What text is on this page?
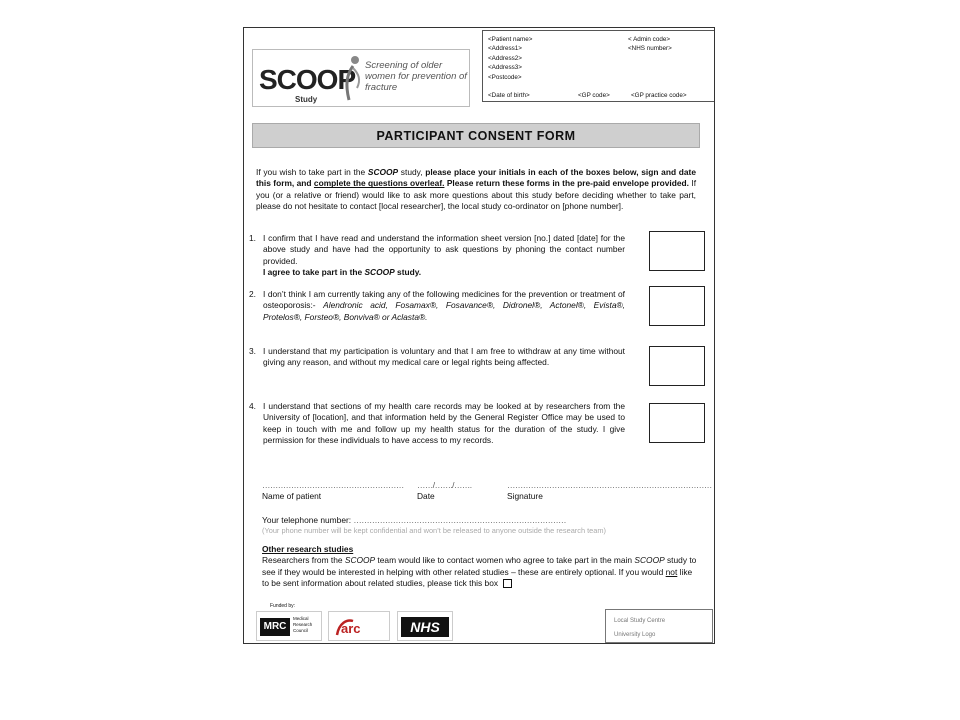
SCOOP
Study
Screening of older women for prevention of fracture
<Patient name>
<Address1>
<Address2>
<Address3>
<Postcode>
< Admin code>
<NHS number>
<Date of birth>	<GP code>	<GP practice code>
PARTICIPANT CONSENT FORM
If you wish to take part in the SCOOP study, please place your initials in each of the boxes below, sign and date this form, and complete the questions overleaf. Please return these forms in the pre-paid envelope provided. If you (or a relative or friend) would like to ask more questions about this study before deciding whether to take part, please do not hesitate to contact [local researcher], the local study co-ordinator on [phone number].
1. I confirm that I have read and understand the information sheet version [no.] dated [date] for the above study and have had the opportunity to ask questions by phoning the contact number provided.
I agree to take part in the SCOOP study.
2. I don’t think I am currently taking any of the following medicines for the prevention or treatment of osteoporosis:- Alendronic acid, Fosamax®, Fosavance®, Didronel®, Actonel®, Evista®, Protelos®, Forsteo®, Bonviva® or Aclasta®.
3. I understand that my participation is voluntary and that I am free to withdraw at any time without giving any reason, and without my medical care or legal rights being affected.
4. I understand that sections of my health care records may be looked at by researchers from the University of [location], and that information held by the General Register Office may be used to keep in touch with me and follow up my health status for the duration of the study. I give permission for these individuals to have access to my records.
……………………………………………… ……/……./…….	……………………………………………………………………
Name of patient	Date	Signature
Your telephone number: ………………………………………………………………………
(Your phone number will be kept confidential and won’t be released to anyone outside the research team)
Other research studies
Researchers from the SCOOP team would like to contact women who agree to take part in the main SCOOP study to see if they would be interested in helping with other related studies – these are entirely optional. If you would not like to be sent information about related studies, please tick this box
Funded by:
MRC
Medical Research Council	arc	NHS	Local Study Centre
University Logo
